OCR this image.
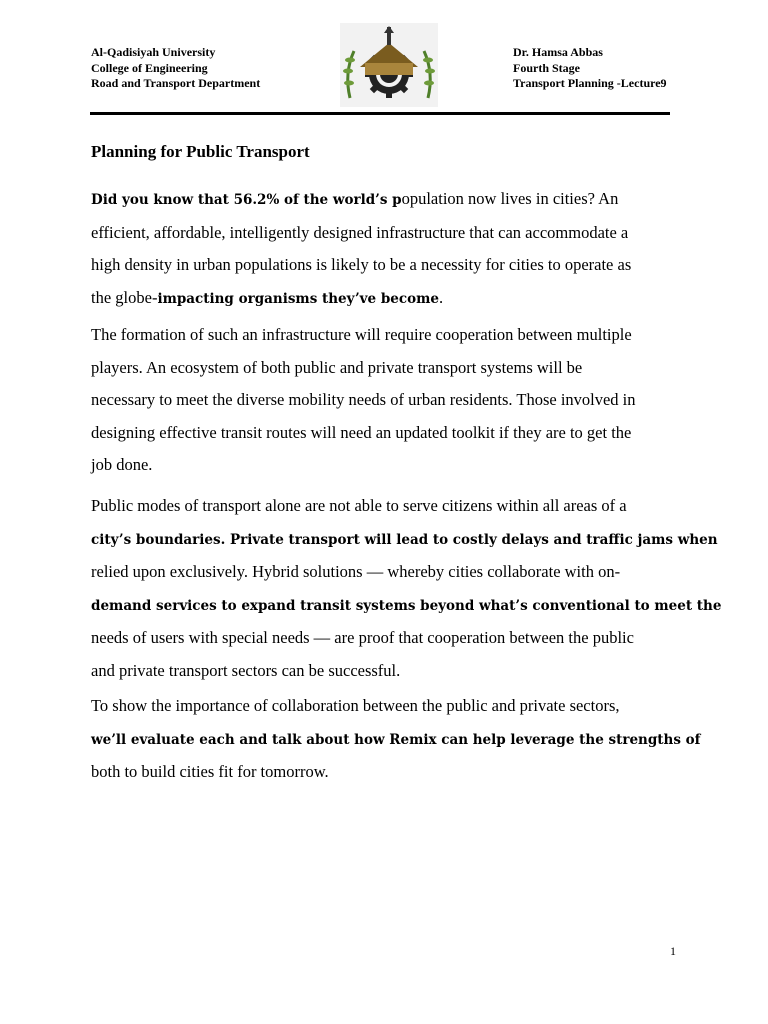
Al-Qadisiyah University
College of Engineering
Road and Transport Department
Dr. Hamsa Abbas
Fourth Stage
Transport Planning -Lecture9
Planning for Public Transport
Did you know that 56.2% of the world’s population now lives in cities? An
efficient, affordable, intelligently designed infrastructure that can accommodate a
high density in urban populations is likely to be a necessity for cities to operate as
the globe-impacting organisms they’ve become.
The formation of such an infrastructure will require cooperation between multiple
players. An ecosystem of both public and private transport systems will be
necessary to meet the diverse mobility needs of urban residents. Those involved in
designing effective transit routes will need an updated toolkit if they are to get the
job done.
Public modes of transport alone are not able to serve citizens within all areas of a
city’s boundaries. Private transport will lead to costly delays and traffic jams when
relied upon exclusively. Hybrid solutions — whereby cities collaborate with on-
demand services to expand transit systems beyond what’s conventional to meet the
needs of users with special needs — are proof that cooperation between the public
and private transport sectors can be successful.
To show the importance of collaboration between the public and private sectors,
we’ll evaluate each and talk about how Remix can help leverage the strengths of
both to build cities fit for tomorrow.
1
